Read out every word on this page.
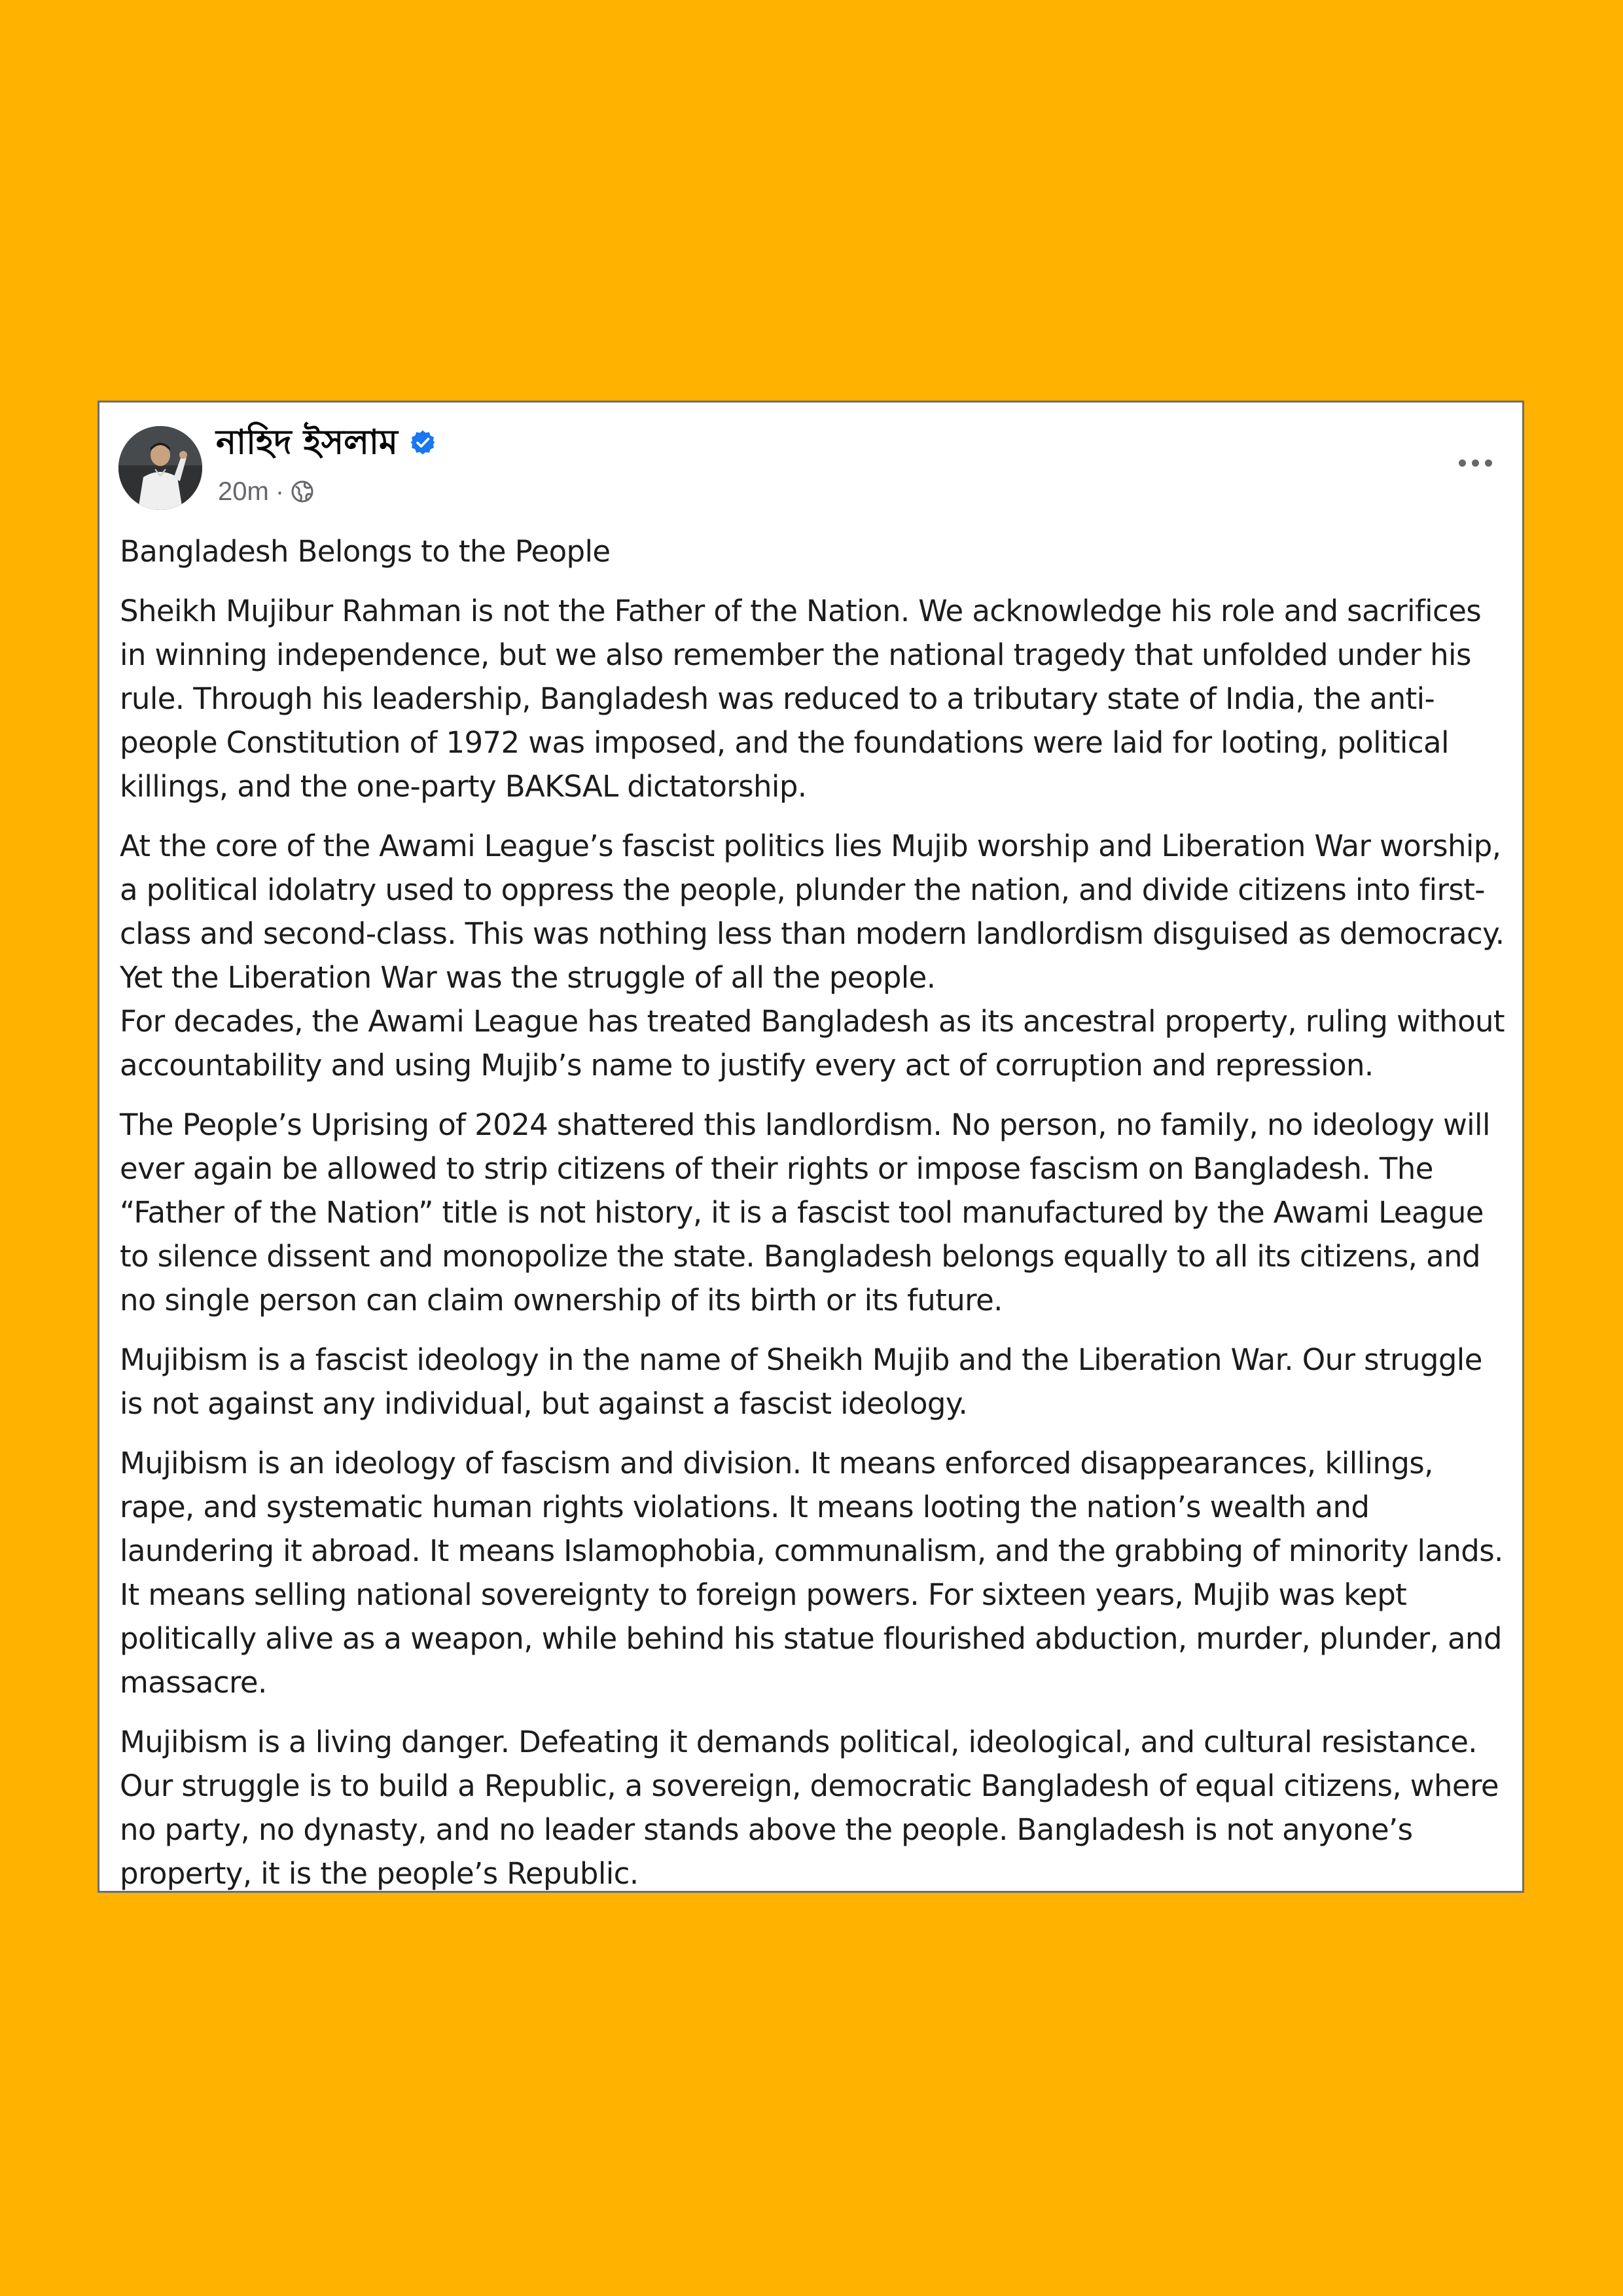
নাহিদ ইসলাম
20m ·

Bangladesh Belongs to the People

Sheikh Mujibur Rahman is not the Father of the Nation. We acknowledge his role and sacrifices in winning independence, but we also remember the national tragedy that unfolded under his rule. Through his leadership, Bangladesh was reduced to a tributary state of India, the anti-people Constitution of 1972 was imposed, and the foundations were laid for looting, political killings, and the one-party BAKSAL dictatorship.

At the core of the Awami League’s fascist politics lies Mujib worship and Liberation War worship, a political idolatry used to oppress the people, plunder the nation, and divide citizens into first-class and second-class. This was nothing less than modern landlordism disguised as democracy. Yet the Liberation War was the struggle of all the people.

For decades, the Awami League has treated Bangladesh as its ancestral property, ruling without accountability and using Mujib’s name to justify every act of corruption and repression.

The People’s Uprising of 2024 shattered this landlordism. No person, no family, no ideology will ever again be allowed to strip citizens of their rights or impose fascism on Bangladesh. The “Father of the Nation” title is not history, it is a fascist tool manufactured by the Awami League to silence dissent and monopolize the state. Bangladesh belongs equally to all its citizens, and no single person can claim ownership of its birth or its future.

Mujibism is a fascist ideology in the name of Sheikh Mujib and the Liberation War. Our struggle is not against any individual, but against a fascist ideology.

Mujibism is an ideology of fascism and division. It means enforced disappearances, killings, rape, and systematic human rights violations. It means looting the nation’s wealth and laundering it abroad. It means Islamophobia, communalism, and the grabbing of minority lands. It means selling national sovereignty to foreign powers. For sixteen years, Mujib was kept politically alive as a weapon, while behind his statue flourished abduction, murder, plunder, and massacre.

Mujibism is a living danger. Defeating it demands political, ideological, and cultural resistance. Our struggle is to build a Republic, a sovereign, democratic Bangladesh of equal citizens, where no party, no dynasty, and no leader stands above the people. Bangladesh is not anyone’s property, it is the people’s Republic.
